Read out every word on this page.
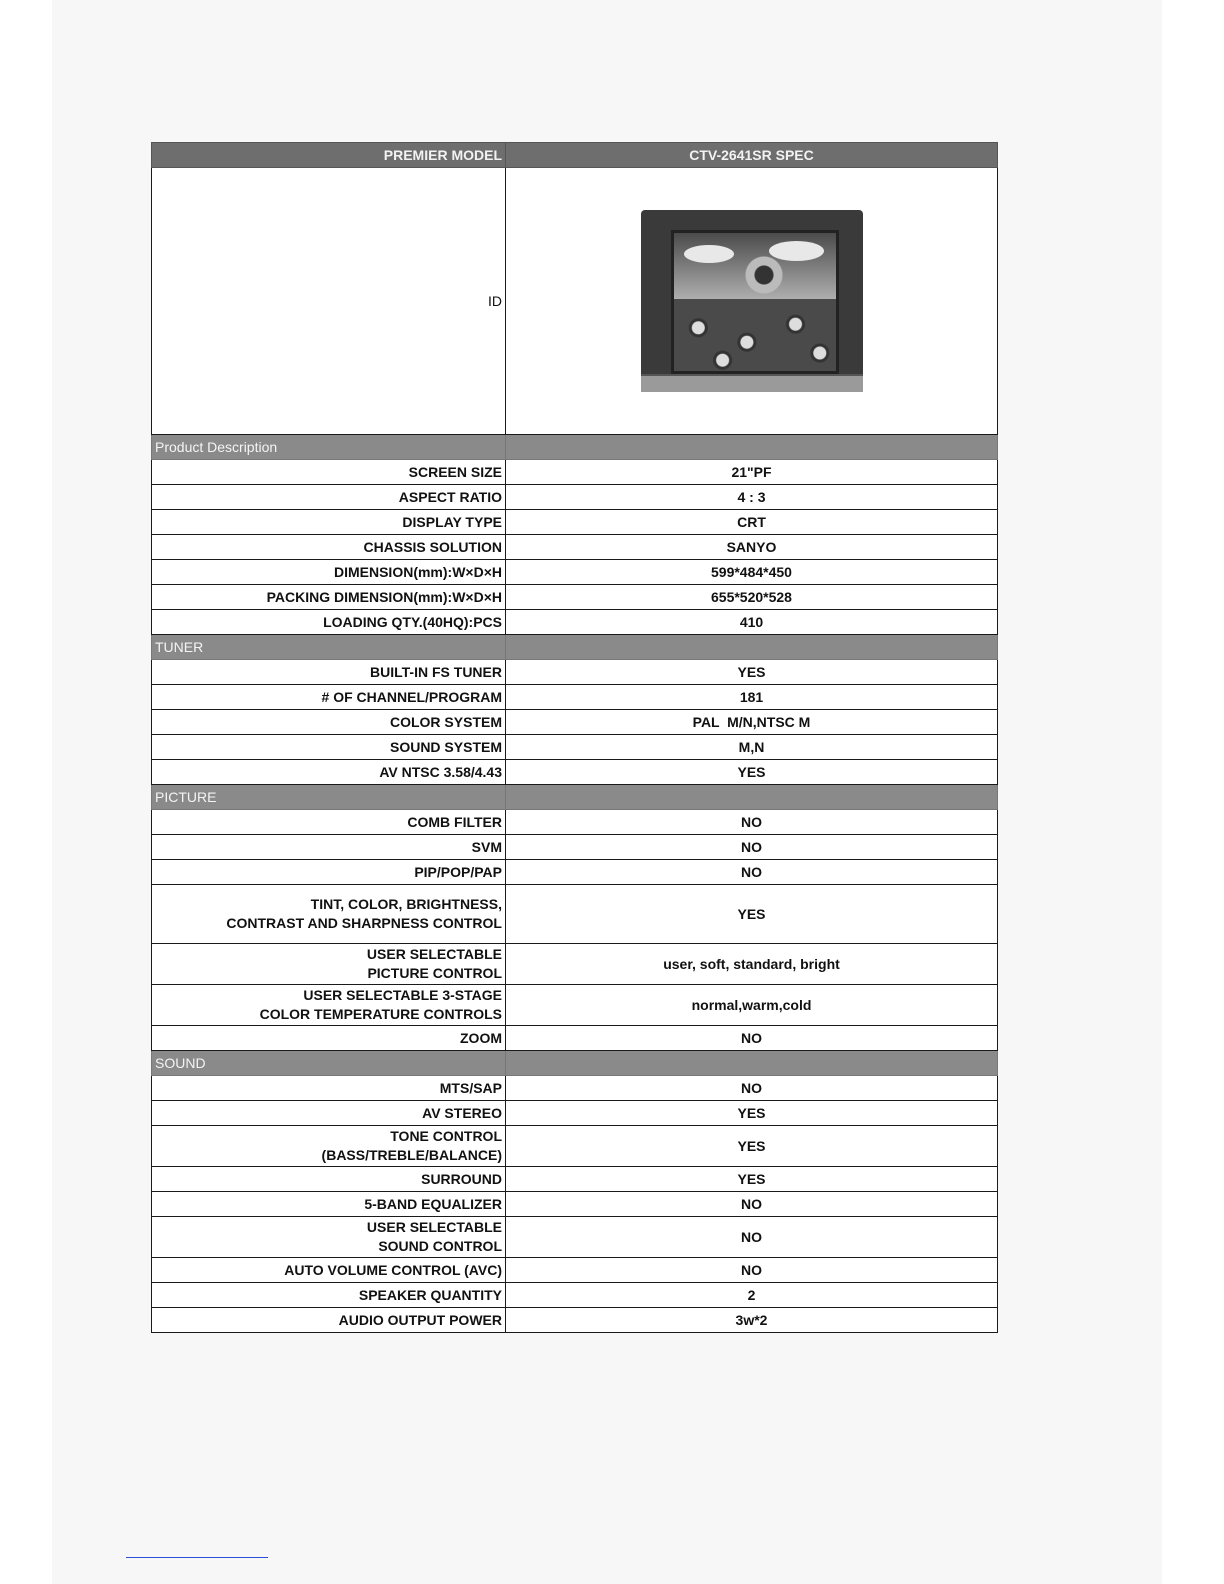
PREMIER MODEL	CTV-2641SR SPEC
ID	

Product Description	
SCREEN SIZE	21"PF
ASPECT RATIO	4 : 3
DISPLAY TYPE	CRT
CHASSIS SOLUTION	SANYO
DIMENSION(mm):W×D×H	599*484*450
PACKING DIMENSION(mm):W×D×H	655*520*528
LOADING QTY.(40HQ):PCS	410
TUNER	
BUILT-IN FS TUNER	YES
# OF CHANNEL/PROGRAM	181
COLOR SYSTEM	PAL  M/N,NTSC M
SOUND SYSTEM	M,N
AV NTSC 3.58/4.43	YES
PICTURE	
COMB FILTER	NO
SVM	NO
PIP/POP/PAP	NO

TINT, COLOR, BRIGHTNESS,
CONTRAST AND SHARPNESS CONTROL	YES

USER SELECTABLE
PICTURE CONTROL	user, soft, standard, bright

USER SELECTABLE 3-STAGE
COLOR TEMPERATURE CONTROLS	normal,warm,cold
ZOOM	NO
SOUND	
MTS/SAP	NO
AV STEREO	YES

TONE CONTROL
(BASS/TREBLE/BALANCE)	YES
SURROUND	YES
5-BAND EQUALIZER	NO

USER SELECTABLE
SOUND CONTROL	NO
AUTO VOLUME CONTROL (AVC)	NO
SPEAKER QUANTITY	2
AUDIO OUTPUT POWER	3w*2
